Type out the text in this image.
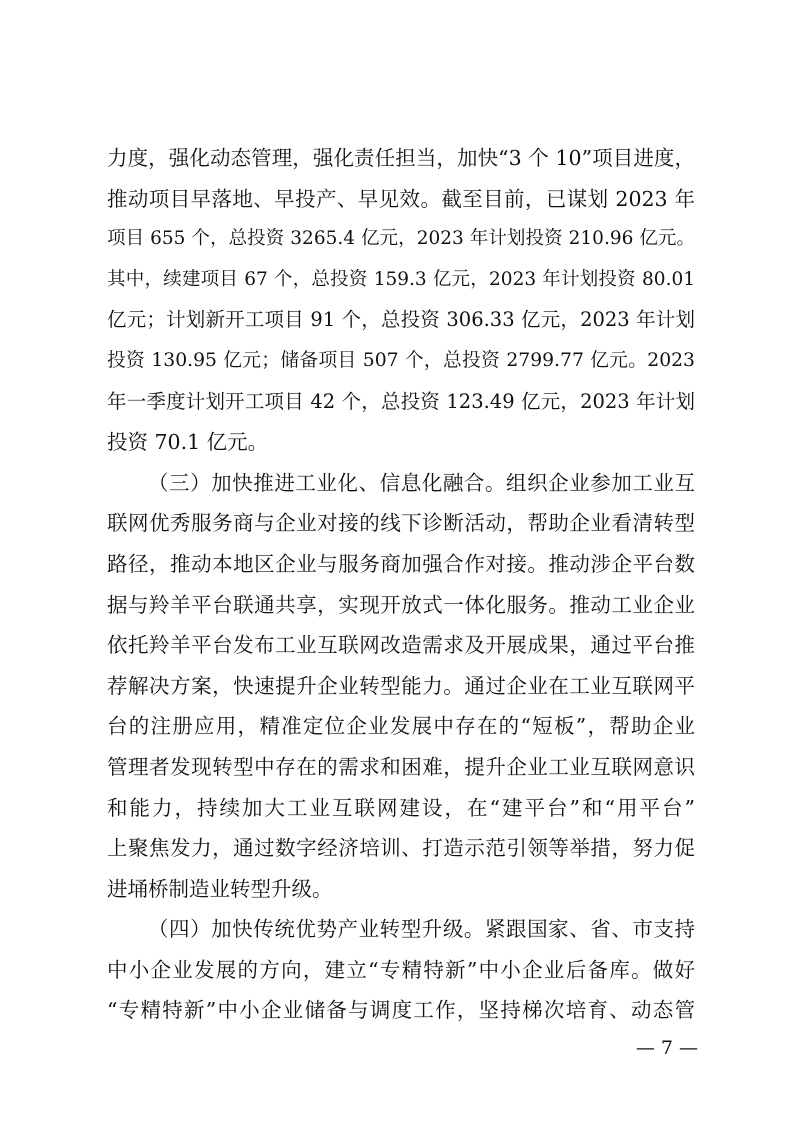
力度，强化动态管理，强化责任担当，加快“3 个 10”项目进度，
推动项目早落地、早投产、早见效。截至目前，已谋划 2023 年
项目 655 个，总投资 3265.4 亿元，2023 年计划投资 210.96 亿元。
其中，续建项目 67 个，总投资 159.3 亿元，2023 年计划投资 80.01
亿元；计划新开工项目 91 个，总投资 306.33 亿元，2023 年计划
投资 130.95 亿元；储备项目 507 个，总投资 2799.77 亿元。2023
年一季度计划开工项目 42 个，总投资 123.49 亿元，2023 年计划
投资 70.1 亿元。
（三）加快推进工业化、信息化融合。组织企业参加工业互
联网优秀服务商与企业对接的线下诊断活动，帮助企业看清转型
路径，推动本地区企业与服务商加强合作对接。推动涉企平台数
据与羚羊平台联通共享，实现开放式一体化服务。推动工业企业
依托羚羊平台发布工业互联网改造需求及开展成果，通过平台推
荐解决方案，快速提升企业转型能力。通过企业在工业互联网平
台的注册应用，精准定位企业发展中存在的“短板”，帮助企业
管理者发现转型中存在的需求和困难，提升企业工业互联网意识
和能力，持续加大工业互联网建设，在“建平台”和“用平台”
上聚焦发力，通过数字经济培训、打造示范引领等举措，努力促
进埇桥制造业转型升级。
（四）加快传统优势产业转型升级。紧跟国家、省、市支持
中小企业发展的方向，建立“专精特新”中小企业后备库。做好
“专精特新”中小企业储备与调度工作，坚持梯次培育、动态管
— 7 —
